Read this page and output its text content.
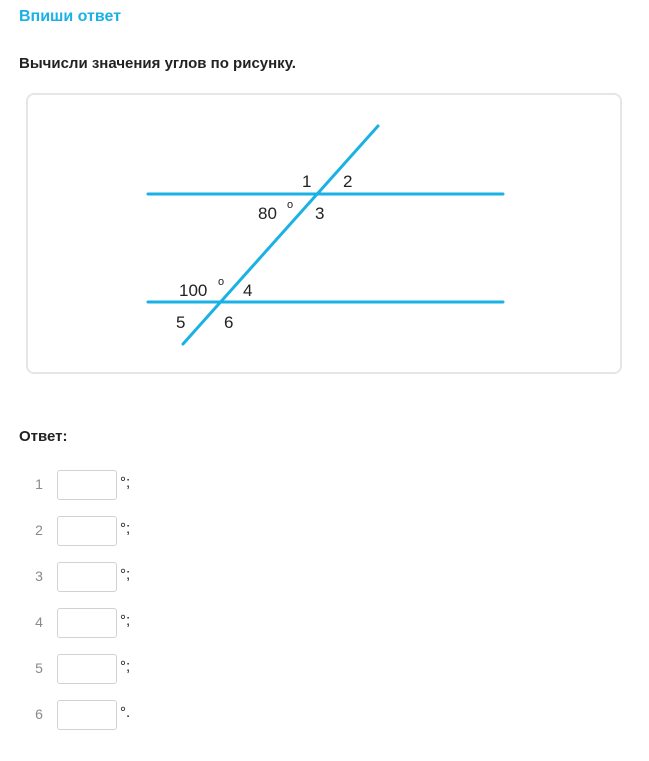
Впиши ответ
Вычисли значения углов по рисунку.
1 2
80 o 3
100 o 4
5 6
Ответ:
1	°;
2	°;
3	°;
4	°;
5	°;
6	°.
